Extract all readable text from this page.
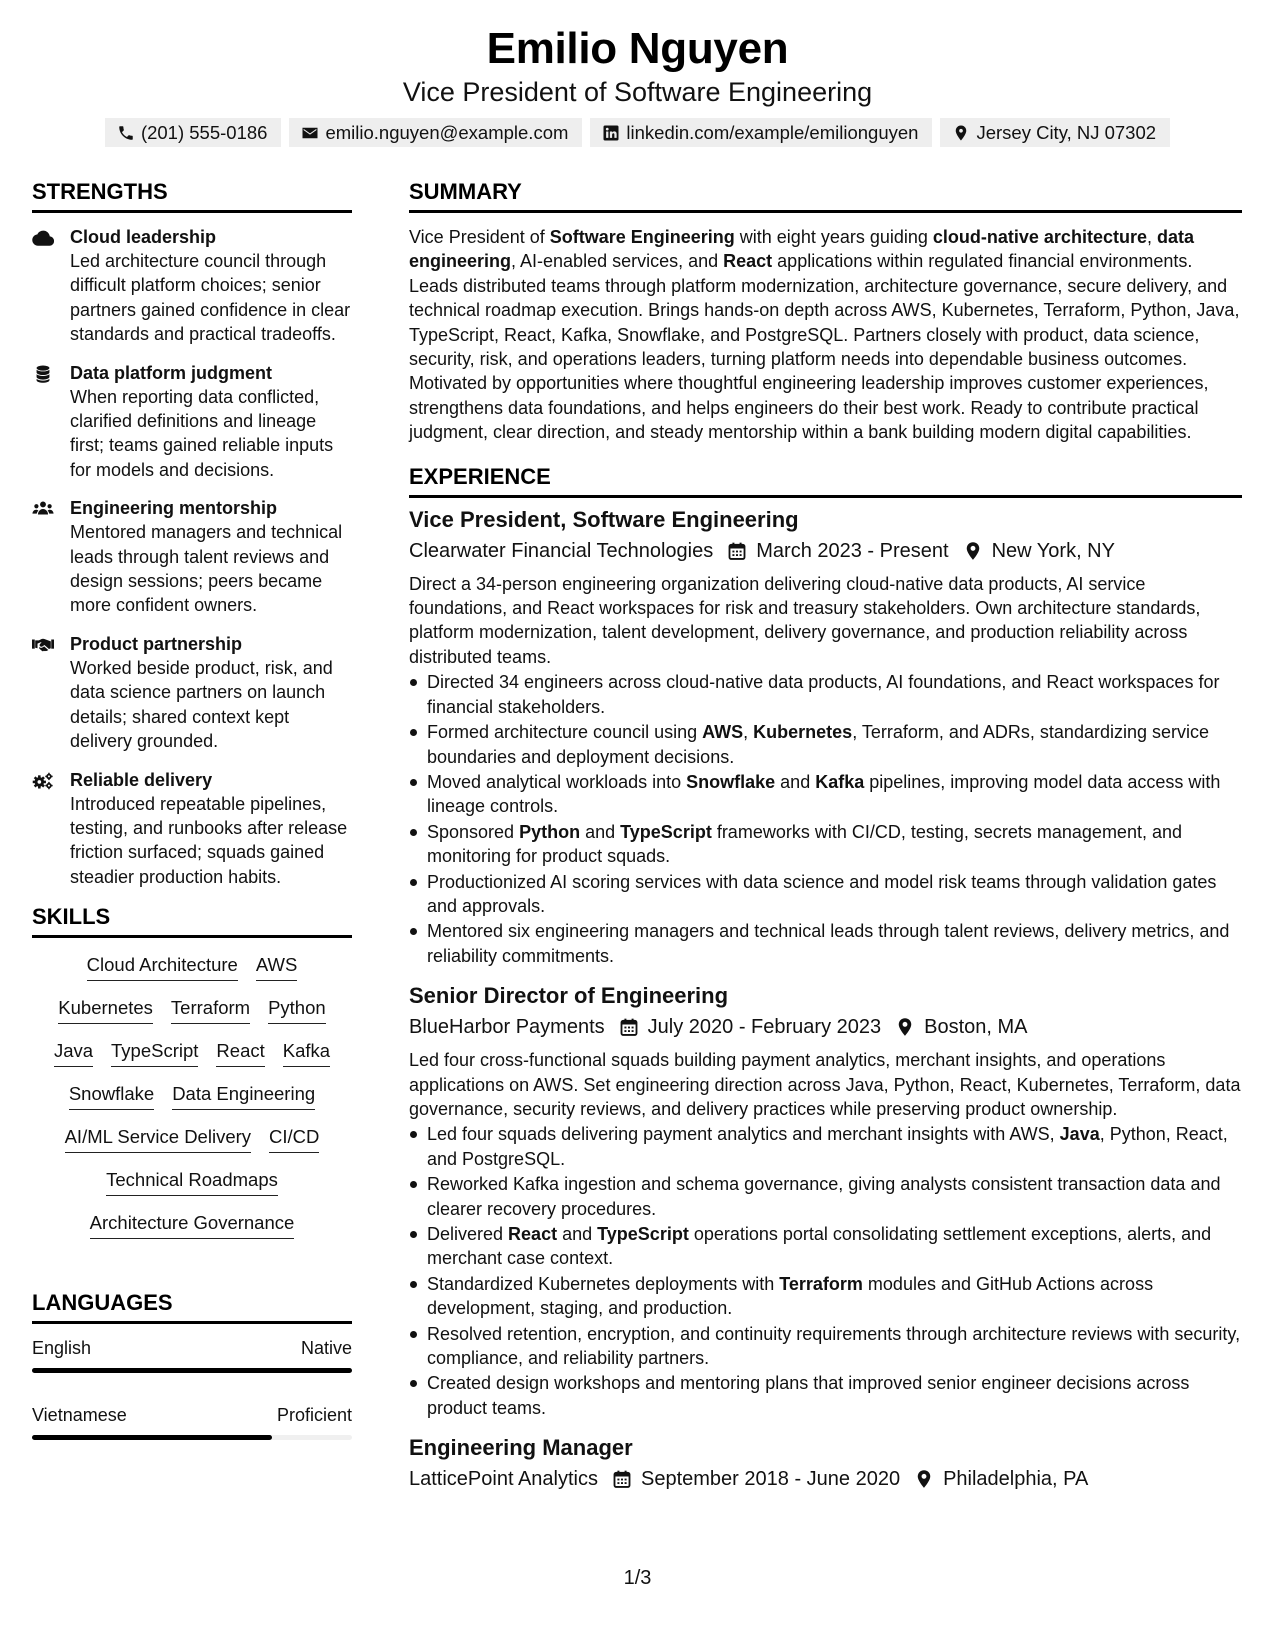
Emilio Nguyen
Vice President of Software Engineering
(201) 555-0186	emilio.nguyen@example.com	linkedin.com/example/emilionguyen	Jersey City, NJ 07302
STRENGTHS
Cloud leadership
Led architecture council through difficult platform choices; senior partners gained confidence in clear standards and practical tradeoffs.
Data platform judgment
When reporting data conflicted, clarified definitions and lineage first; teams gained reliable inputs for models and decisions.
Engineering mentorship
Mentored managers and technical leads through talent reviews and design sessions; peers became more confident owners.
Product partnership
Worked beside product, risk, and data science partners on launch details; shared context kept delivery grounded.
Reliable delivery
Introduced repeatable pipelines, testing, and runbooks after release friction surfaced; squads gained steadier production habits.
SKILLS
Cloud Architecture AWS
Kubernetes Terraform Python
Java TypeScript React Kafka
Snowflake Data Engineering
AI/ML Service Delivery CI/CD
Technical Roadmaps
Architecture Governance
LANGUAGES
English	Native
Vietnamese	Proficient
SUMMARY

Vice President of Software Engineering with eight years guiding cloud-native architecture, data engineering, AI-enabled services, and React applications within regulated financial environments. Leads distributed teams through platform modernization, architecture governance, secure delivery, and technical roadmap execution. Brings hands-on depth across AWS, Kubernetes, Terraform, Python, Java, TypeScript, React, Kafka, Snowflake, and PostgreSQL. Partners closely with product, data science, security, risk, and operations leaders, turning platform needs into dependable business outcomes. Motivated by opportunities where thoughtful engineering leadership improves customer experiences, strengthens data foundations, and helps engineers do their best work. Ready to contribute practical judgment, clear direction, and steady mentorship within a bank building modern digital capabilities.

EXPERIENCE
Vice President, Software Engineering
Clearwater Financial Technologies March 2023 - Present New York, NY

Direct a 34-person engineering organization delivering cloud-native data products, AI service foundations, and React workspaces for risk and treasury stakeholders. Own architecture standards, platform modernization, talent development, delivery governance, and production reliability across distributed teams.

Directed 34 engineers across cloud-native data products, AI foundations, and React workspaces for financial stakeholders.
Formed architecture council using AWS, Kubernetes, Terraform, and ADRs, standardizing service boundaries and deployment decisions.
Moved analytical workloads into Snowflake and Kafka pipelines, improving model data access with lineage controls.
Sponsored Python and TypeScript frameworks with CI/CD, testing, secrets management, and monitoring for product squads.
Productionized AI scoring services with data science and model risk teams through validation gates and approvals.
Mentored six engineering managers and technical leads through talent reviews, delivery metrics, and reliability commitments.
Senior Director of Engineering
BlueHarbor Payments July 2020 - February 2023 Boston, MA

Led four cross-functional squads building payment analytics, merchant insights, and operations applications on AWS. Set engineering direction across Java, Python, React, Kubernetes, Terraform, data governance, security reviews, and delivery practices while preserving product ownership.

Led four squads delivering payment analytics and merchant insights with AWS, Java, Python, React, and PostgreSQL.
Reworked Kafka ingestion and schema governance, giving analysts consistent transaction data and clearer recovery procedures.
Delivered React and TypeScript operations portal consolidating settlement exceptions, alerts, and merchant case context.
Standardized Kubernetes deployments with Terraform modules and GitHub Actions across development, staging, and production.
Resolved retention, encryption, and continuity requirements through architecture reviews with security, compliance, and reliability partners.
Created design workshops and mentoring plans that improved senior engineer decisions across product teams.
Engineering Manager
LatticePoint Analytics September 2018 - June 2020 Philadelphia, PA
1/3
